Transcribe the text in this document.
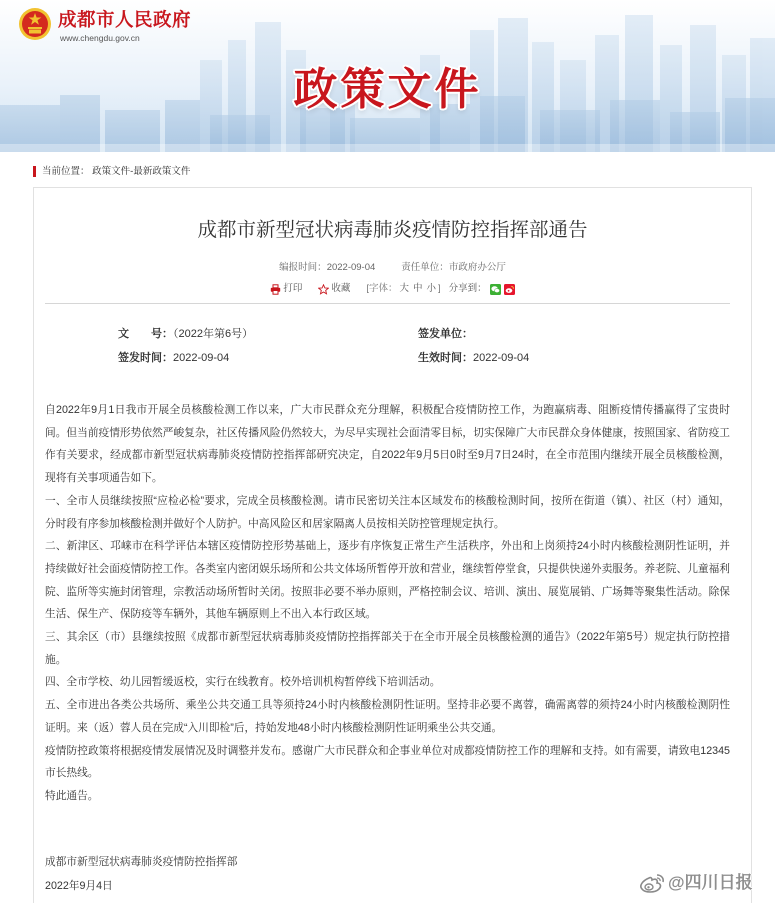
成都市人民政府
www.chengdu.gov.cn
政策文件
当前位置： 政策文件-最新政策文件
成都市新型冠状病毒肺炎疫情防控指挥部通告
编报时间：2022-09-04	责任单位：市政府办公厅
打印	收藏 [字体： 大 中 小 ] 分享到：
文　　号：（2022年第6号）	签发单位：
签发时间：2022-09-04	生效时间：2022-09-04

自2022年9月1日我市开展全员核酸检测工作以来，广大市民群众充分理解，积极配合疫情防控工作，为跑赢病毒、阻断疫情传播赢得了宝贵时间。但当前疫情形势依然严峻复杂，社区传播风险仍然较大，为尽早实现社会面清零目标，切实保障广大市民群众身体健康，按照国家、省防疫工作有关要求，经成都市新型冠状病毒肺炎疫情防控指挥部研究决定，自2022年9月5日0时至9月7日24时，在全市范围内继续开展全员核酸检测，现将有关事项通告如下。

一、全市人员继续按照“应检必检”要求，完成全员核酸检测。请市民密切关注本区域发布的核酸检测时间，按所在街道（镇）、社区（村）通知，分时段有序参加核酸检测并做好个人防护。中高风险区和居家隔离人员按相关防控管理规定执行。

二、新津区、邛崃市在科学评估本辖区疫情防控形势基础上，逐步有序恢复正常生产生活秩序，外出和上岗须持24小时内核酸检测阴性证明，并持续做好社会面疫情防控工作。各类室内密闭娱乐场所和公共文体场所暂停开放和营业，继续暂停堂食，只提供快递外卖服务。养老院、儿童福利院、监所等实施封闭管理，宗教活动场所暂时关闭。按照非必要不举办原则，严格控制会议、培训、演出、展览展销、广场舞等聚集性活动。除保生活、保生产、保防疫等车辆外，其他车辆原则上不出入本行政区域。

三、其余区（市）县继续按照《成都市新型冠状病毒肺炎疫情防控指挥部关于在全市开展全员核酸检测的通告》（2022年第5号）规定执行防控措施。

四、全市学校、幼儿园暂缓返校，实行在线教育。校外培训机构暂停线下培训活动。

五、全市进出各类公共场所、乘坐公共交通工具等须持24小时内核酸检测阴性证明。坚持非必要不离蓉，确需离蓉的须持24小时内核酸检测阴性证明。来（返）蓉人员在完成“入川即检”后，持始发地48小时内核酸检测阴性证明乘坐公共交通。

疫情防控政策将根据疫情发展情况及时调整并发布。感谢广大市民群众和企事业单位对成都疫情防控工作的理解和支持。如有需要，请致电12345市长热线。

特此通告。

成都市新型冠状病毒肺炎疫情防控指挥部
2022年9月4日	@四川日报
